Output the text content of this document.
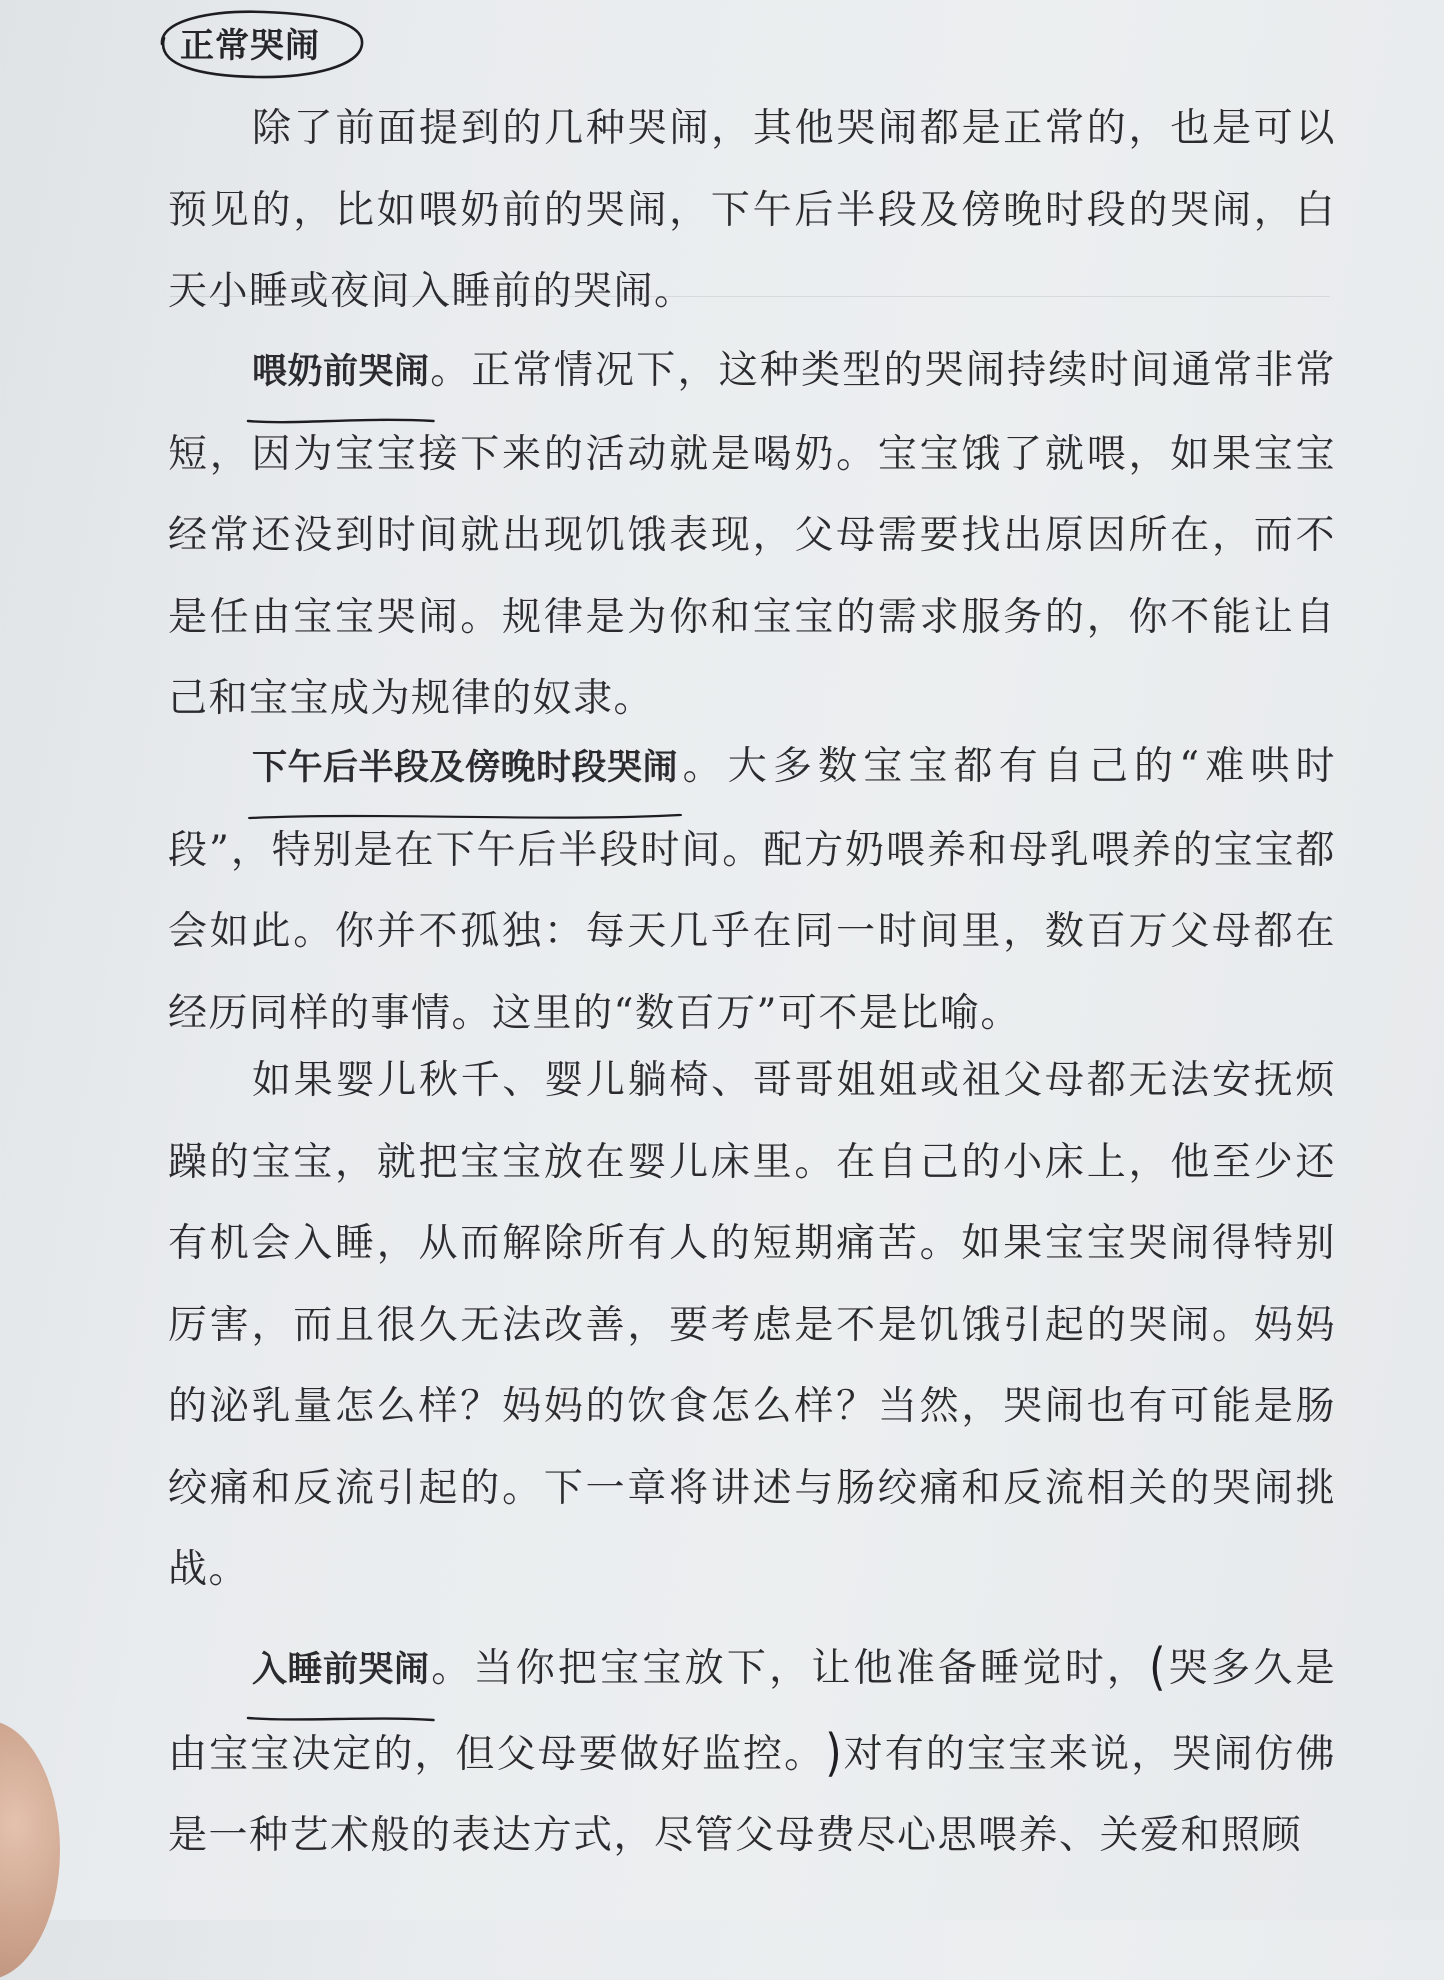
正常哭闹

除了前面提到的几种哭闹，其他哭闹都是正常的，也是可以预见的，比如喂奶前的哭闹，下午后半段及傍晚时段的哭闹，白天小睡或夜间入睡前的哭闹。

喂奶前哭闹
。正常情况下，这种类型的哭闹持续时间通常非常短，因为宝宝接下来的活动就是喝奶。宝宝饿了就喂，如果宝宝经常还没到时间就出现饥饿表现，父母需要找出原因所在，而不是任由宝宝哭闹。规律是为你和宝宝的需求服务的，你不能让自己和宝宝成为规律的奴隶。

下午后半段及傍晚时段哭闹
。大多数宝宝都有自己的“难哄时段”，特别是在下午后半段时间。配方奶喂养和母乳喂养的宝宝都会如此。你并不孤独：每天几乎在同一时间里，数百万父母都在经历同样的事情。这里的“数百万”可不是比喻。

如果婴儿秋千、婴儿躺椅、哥哥姐姐或祖父母都无法安抚烦躁的宝宝，就把宝宝放在婴儿床里。在自己的小床上，他至少还有机会入睡，从而解除所有人的短期痛苦。如果宝宝哭闹得特别厉害，而且很久无法改善，要考虑是不是饥饿引起的哭闹。妈妈的泌乳量怎么样？妈妈的饮食怎么样？当然，哭闹也有可能是肠绞痛和反流引起的。下一章将讲述与肠绞痛和反流相关的哭闹挑战。

入睡前哭闹
。当你把宝宝放下，让他准备睡觉时，(哭多久是由宝宝决定的，但父母要做好监控。)对有的宝宝来说，哭闹仿佛是一种艺术般的表达方式，尽管父母费尽心思喂养、关爱和照顾
